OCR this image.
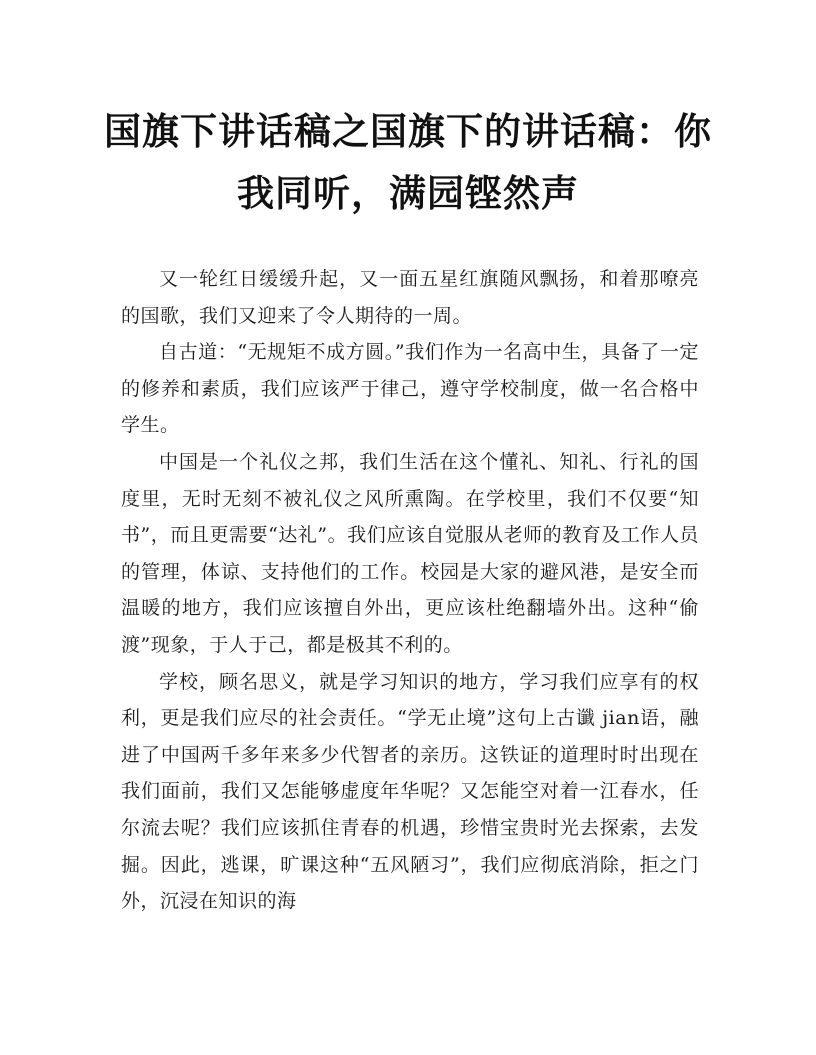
国旗下讲话稿之国旗下的讲话稿：你我同听，满园铿然声

又一轮红日缓缓升起，又一面五星红旗随风飘扬，和着那嘹亮的国歌，我们又迎来了令人期待的一周。

自古道：“无规矩不成方圆。”我们作为一名高中生，具备了一定的修养和素质，我们应该严于律己，遵守学校制度，做一名合格中学生。

中国是一个礼仪之邦，我们生活在这个懂礼、知礼、行礼的国度里，无时无刻不被礼仪之风所熏陶。在学校里，我们不仅要“知书”，而且更需要“达礼”。我们应该自觉服从老师的教育及工作人员的管理，体谅、支持他们的工作。校园是大家的避风港，是安全而温暖的地方，我们应该擅自外出，更应该杜绝翻墙外出。这种“偷渡”现象，于人于己，都是极其不利的。

学校，顾名思义，就是学习知识的地方，学习我们应享有的权利，更是我们应尽的社会责任。“学无止境”这句上古谶 jian语，融进了中国两千多年来多少代智者的亲历。这铁证的道理时时出现在我们面前，我们又怎能够虚度年华呢？又怎能空对着一江春水，任尔流去呢？我们应该抓住青春的机遇，珍惜宝贵时光去探索，去发掘。因此，逃课，旷课这种“五风陋习”，我们应彻底消除，拒之门外，沉浸在知识的海
